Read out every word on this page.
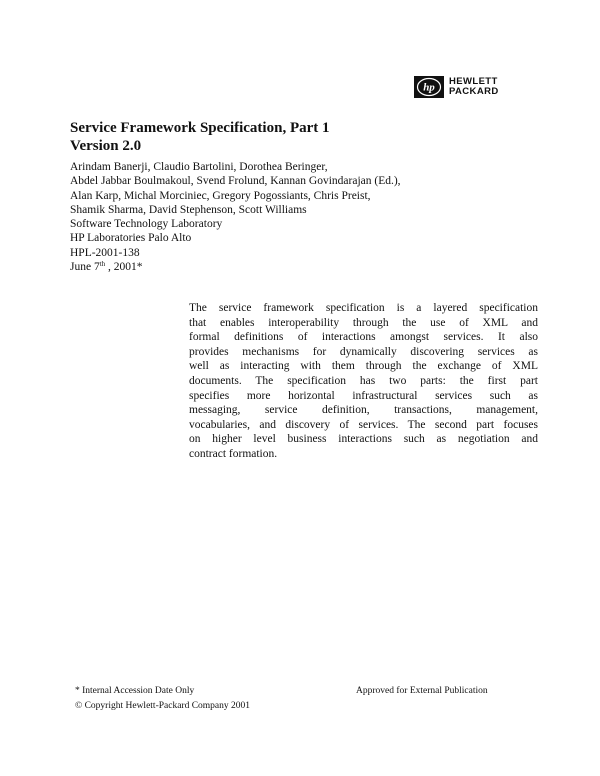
hp HEWLETT
PACKARD
Service Framework Specification, Part 1
Version 2.0
Arindam Banerji, Claudio Bartolini, Dorothea Beringer,
Abdel Jabbar Boulmakoul, Svend Frolund, Kannan Govindarajan (Ed.),
Alan Karp, Michal Morciniec, Gregory Pogossiants, Chris Preist,
Shamik Sharma, David Stephenson, Scott Williams
Software Technology Laboratory
HP Laboratories Palo Alto
HPL-2001-138
June 7th , 2001*
The service framework specification is a layered specification
that enables interoperability through the use of XML and
formal definitions of interactions amongst services. It also
provides mechanisms for dynamically discovering services as
well as interacting with them through the exchange of XML
documents. The specification has two parts: the first part
specifies more horizontal infrastructural services such as
messaging, service definition, transactions, management,
vocabularies, and discovery of services. The second part focuses
on higher level business interactions such as negotiation and
contract formation.
* Internal Accession Date Only
© Copyright Hewlett-Packard Company 2001
Approved for External Publication
